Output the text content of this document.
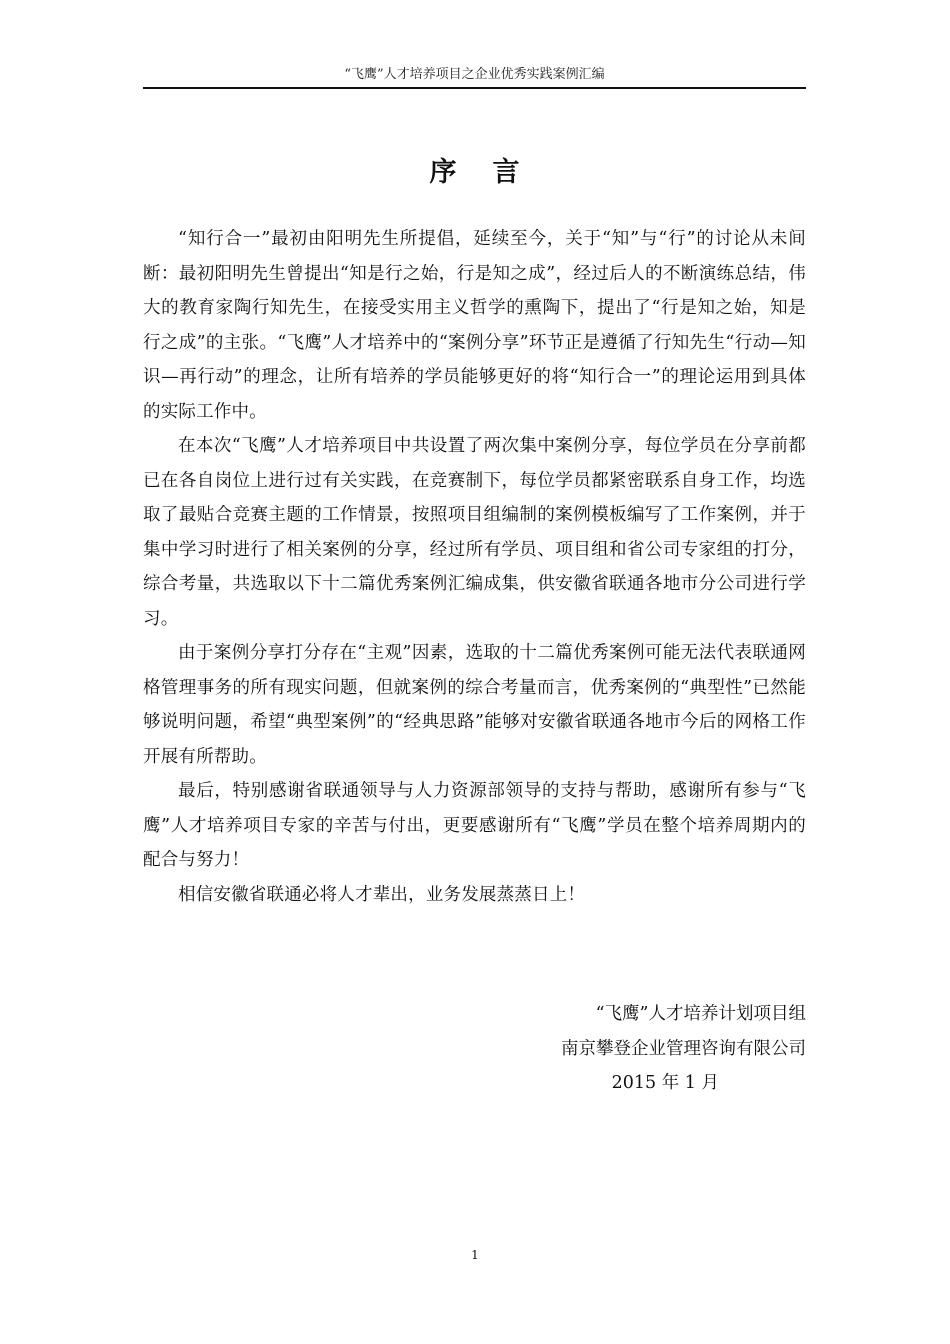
“飞鹰”人才培养项目之企业优秀实践案例汇编
序言

“知行合一”最初由阳明先生所提倡，延续至今，关于“知”与“行”的讨论从未间断：最初阳明先生曾提出“知是行之始，行是知之成”，经过后人的不断演练总结，伟大的教育家陶行知先生，在接受实用主义哲学的熏陶下，提出了“行是知之始，知是行之成”的主张。“飞鹰”人才培养中的“案例分享”环节正是遵循了行知先生“行动—知识—再行动”的理念，让所有培养的学员能够更好的将“知行合一”的理论运用到具体的实际工作中。

在本次“飞鹰”人才培养项目中共设置了两次集中案例分享，每位学员在分享前都已在各自岗位上进行过有关实践，在竞赛制下，每位学员都紧密联系自身工作，均选取了最贴合竞赛主题的工作情景，按照项目组编制的案例模板编写了工作案例，并于集中学习时进行了相关案例的分享，经过所有学员、项目组和省公司专家组的打分，综合考量，共选取以下十二篇优秀案例汇编成集，供安徽省联通各地市分公司进行学习。

由于案例分享打分存在“主观”因素，选取的十二篇优秀案例可能无法代表联通网格管理事务的所有现实问题，但就案例的综合考量而言，优秀案例的“典型性”已然能够说明问题，希望“典型案例”的“经典思路”能够对安徽省联通各地市今后的网格工作开展有所帮助。

最后，特别感谢省联通领导与人力资源部领导的支持与帮助，感谢所有参与“飞鹰”人才培养项目专家的辛苦与付出，更要感谢所有“飞鹰”学员在整个培养周期内的配合与努力！

相信安徽省联通必将人才辈出，业务发展蒸蒸日上！

“飞鹰”人才培养计划项目组
南京攀登企业管理咨询有限公司
2015 年 1 月
1
